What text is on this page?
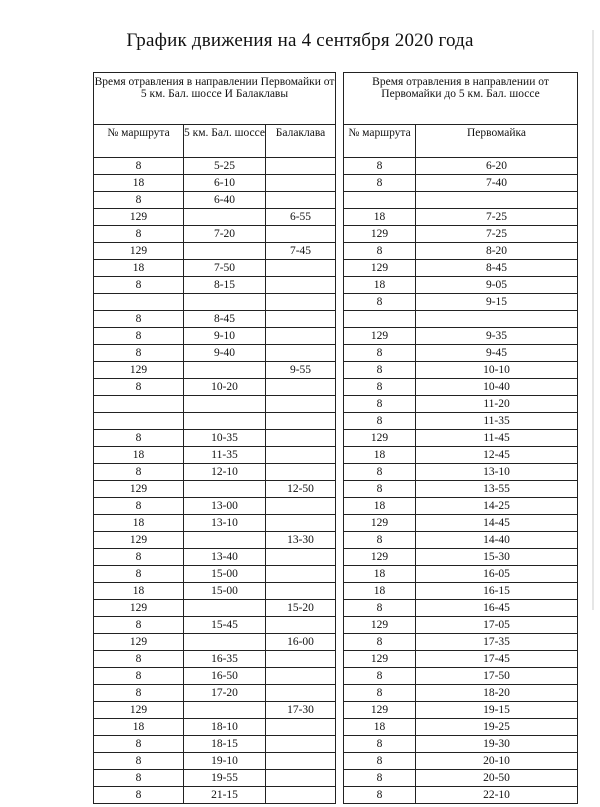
График движения на 4 сентября 2020 года
Время отравления в направлении Первомайки от 5 км. Бал. шоссе И Балаклавы				Время отравления в направлении от Первомайки до 5 км. Бал. шоссе	
№ маршрута	5 км. Бал. шоссе	Балаклава		№ маршрута	Первомайка
8	5-25			8	6-20
18	6-10			8	7-40
8	6-40				
129		6-55		18	7-25
8	7-20			129	7-25
129		7-45		8	8-20
18	7-50			129	8-45
8	8-15			18	9-05
				8	9-15
8	8-45				
8	9-10			129	9-35
8	9-40			8	9-45
129		9-55		8	10-10
8	10-20			8	10-40
				8	11-20
				8	11-35
8	10-35			129	11-45
18	11-35			18	12-45
8	12-10			8	13-10
129		12-50		8	13-55
8	13-00			18	14-25
18	13-10			129	14-45
129		13-30		8	14-40
8	13-40			129	15-30
8	15-00			18	16-05
18	15-00			18	16-15
129		15-20		8	16-45
8	15-45			129	17-05
129		16-00		8	17-35
8	16-35			129	17-45
8	16-50			8	17-50
8	17-20			8	18-20
129		17-30		129	19-15
18	18-10			18	19-25
8	18-15			8	19-30
8	19-10			8	20-10
8	19-55			8	20-50
8	21-15			8	22-10
